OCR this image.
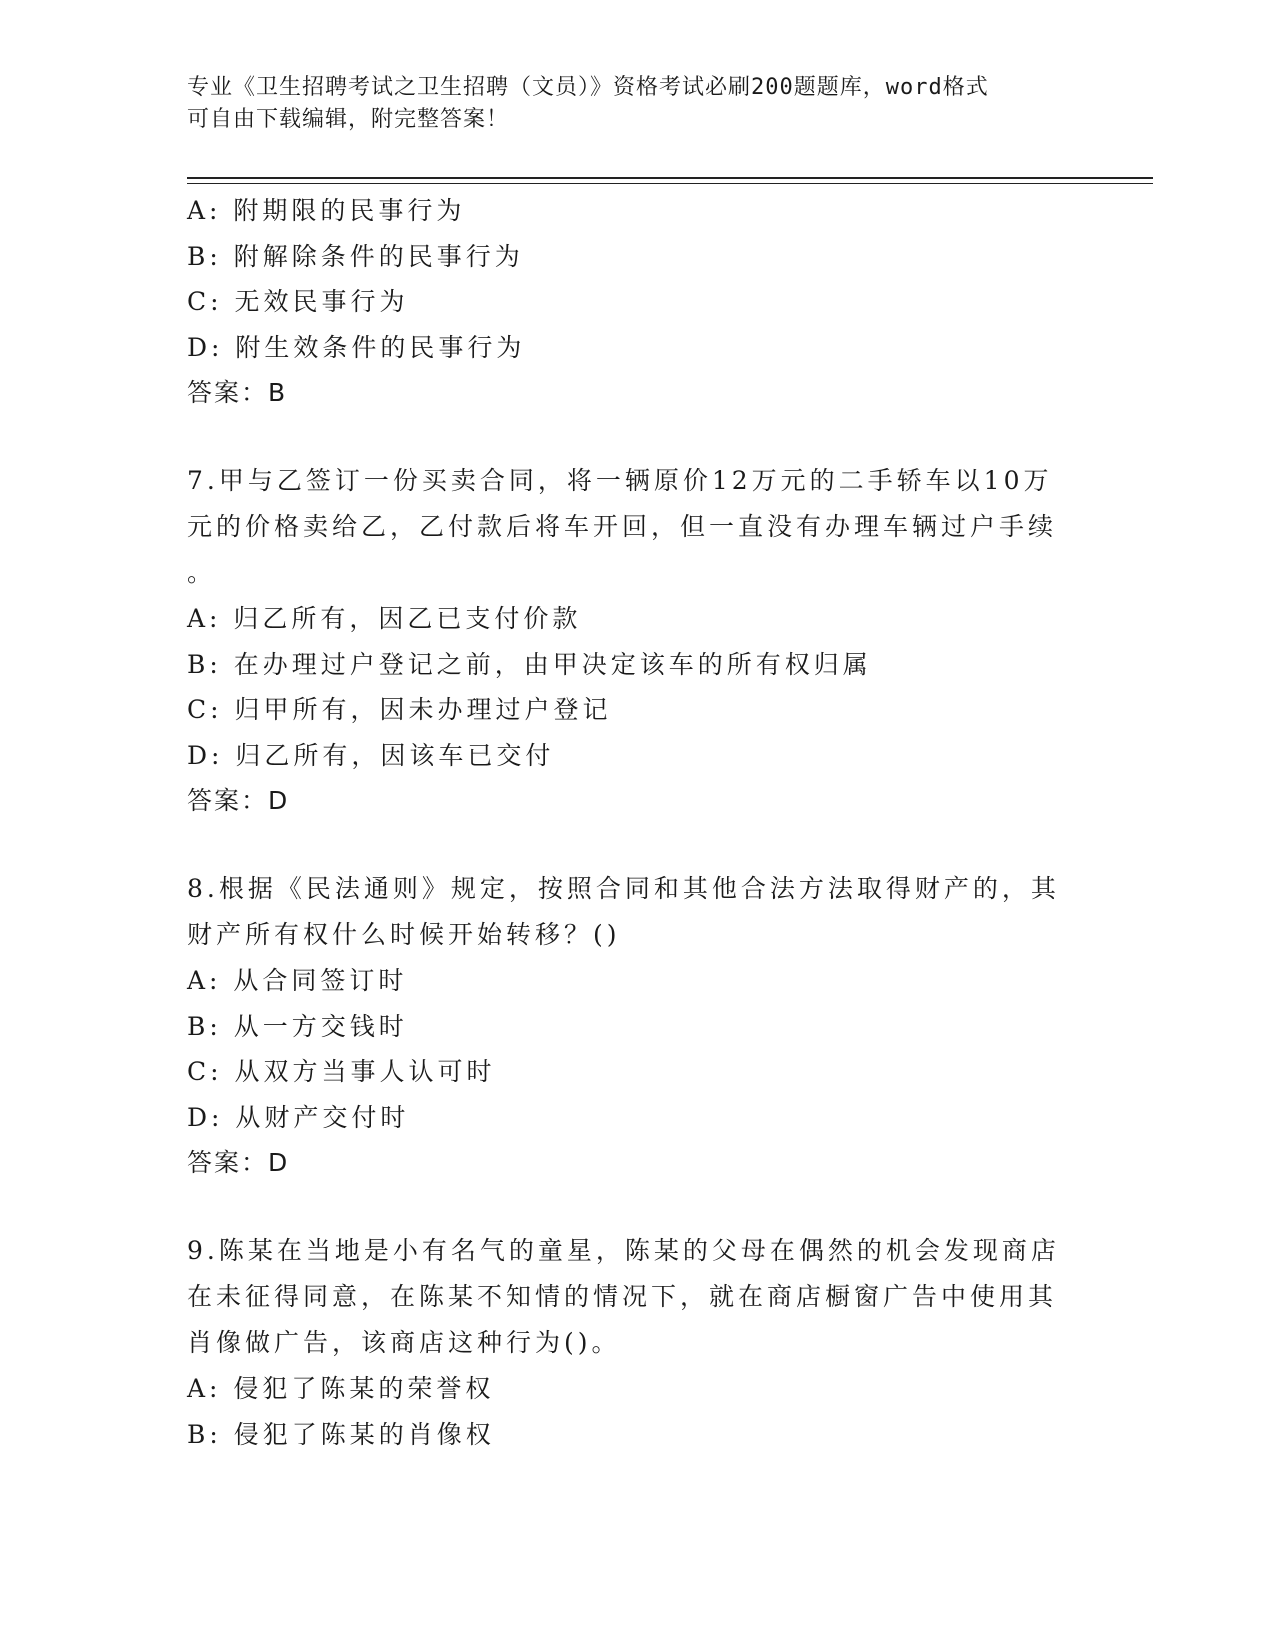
专业《卫生招聘考试之卫生招聘（文员）》资格考试必刷200题题库，word格式
可自由下载编辑，附完整答案！
A: 附期限的民事行为
B: 附解除条件的民事行为
C: 无效民事行为
D: 附生效条件的民事行为
答案：B
7.甲与乙签订一份买卖合同，将一辆原价12万元的二手轿车以10万
元的价格卖给乙，乙付款后将车开回，但一直没有办理车辆过户手续
。
A: 归乙所有，因乙已支付价款
B: 在办理过户登记之前，由甲决定该车的所有权归属
C: 归甲所有，因未办理过户登记
D: 归乙所有，因该车已交付
答案：D
8.根据《民法通则》规定，按照合同和其他合法方法取得财产的，其
财产所有权什么时候开始转移？()
A: 从合同签订时
B: 从一方交钱时
C: 从双方当事人认可时
D: 从财产交付时
答案：D
9.陈某在当地是小有名气的童星，陈某的父母在偶然的机会发现商店
在未征得同意，在陈某不知情的情况下，就在商店橱窗广告中使用其
肖像做广告，该商店这种行为()。
A: 侵犯了陈某的荣誉权
B: 侵犯了陈某的肖像权
